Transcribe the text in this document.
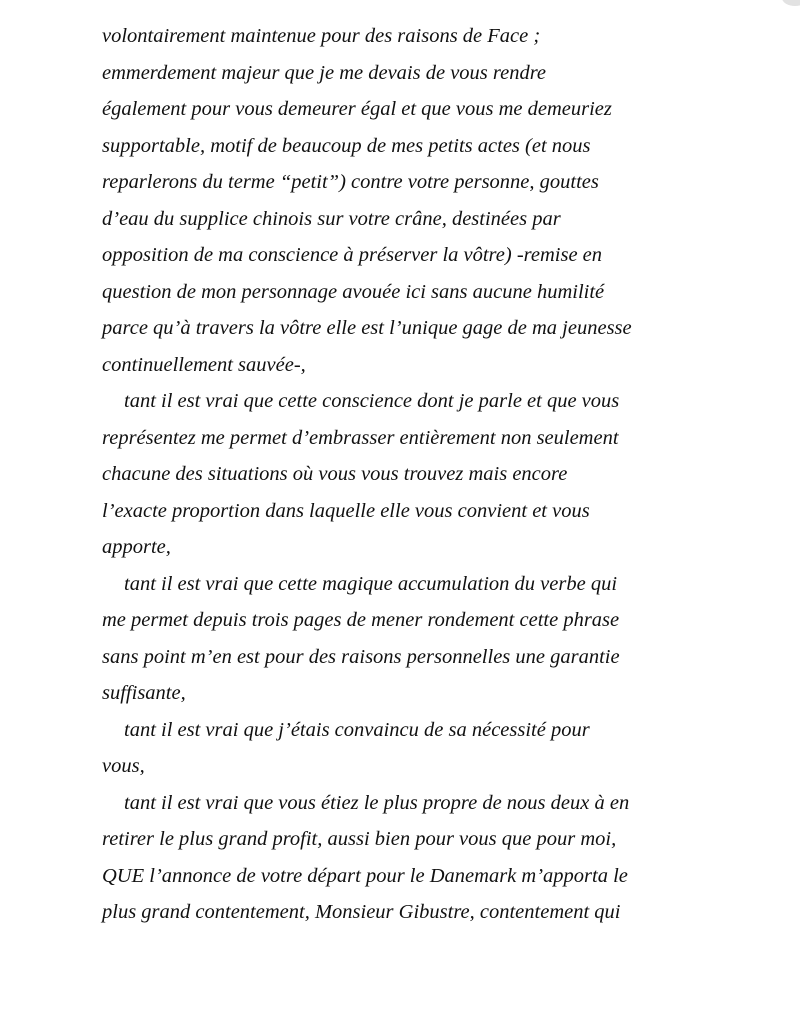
volontairement maintenue pour des raisons de Face ;
emmerdement majeur que je me devais de vous rendre
également pour vous demeurer égal et que vous me demeuriez
supportable, motif de beaucoup de mes petits actes (et nous
reparlerons du terme “petit”) contre votre personne, gouttes
d’eau du supplice chinois sur votre crâne, destinées par
opposition de ma conscience à préserver la vôtre) -remise en
question de mon personnage avouée ici sans aucune humilité
parce qu’à travers la vôtre elle est l’unique gage de ma jeunesse
continuellement sauvée-,
tant il est vrai que cette conscience dont je parle et que vous
représentez me permet d’embrasser entièrement non seulement
chacune des situations où vous vous trouvez mais encore
l’exacte proportion dans laquelle elle vous convient et vous
apporte,
tant il est vrai que cette magique accumulation du verbe qui
me permet depuis trois pages de mener rondement cette phrase
sans point m’en est pour des raisons personnelles une garantie
suffisante,
tant il est vrai que j’étais convaincu de sa nécessité pour
vous,
tant il est vrai que vous étiez le plus propre de nous deux à en
retirer le plus grand profit, aussi bien pour vous que pour moi,
QUE l’annonce de votre départ pour le Danemark m’apporta le
plus grand contentement, Monsieur Gibustre, contentement qui
